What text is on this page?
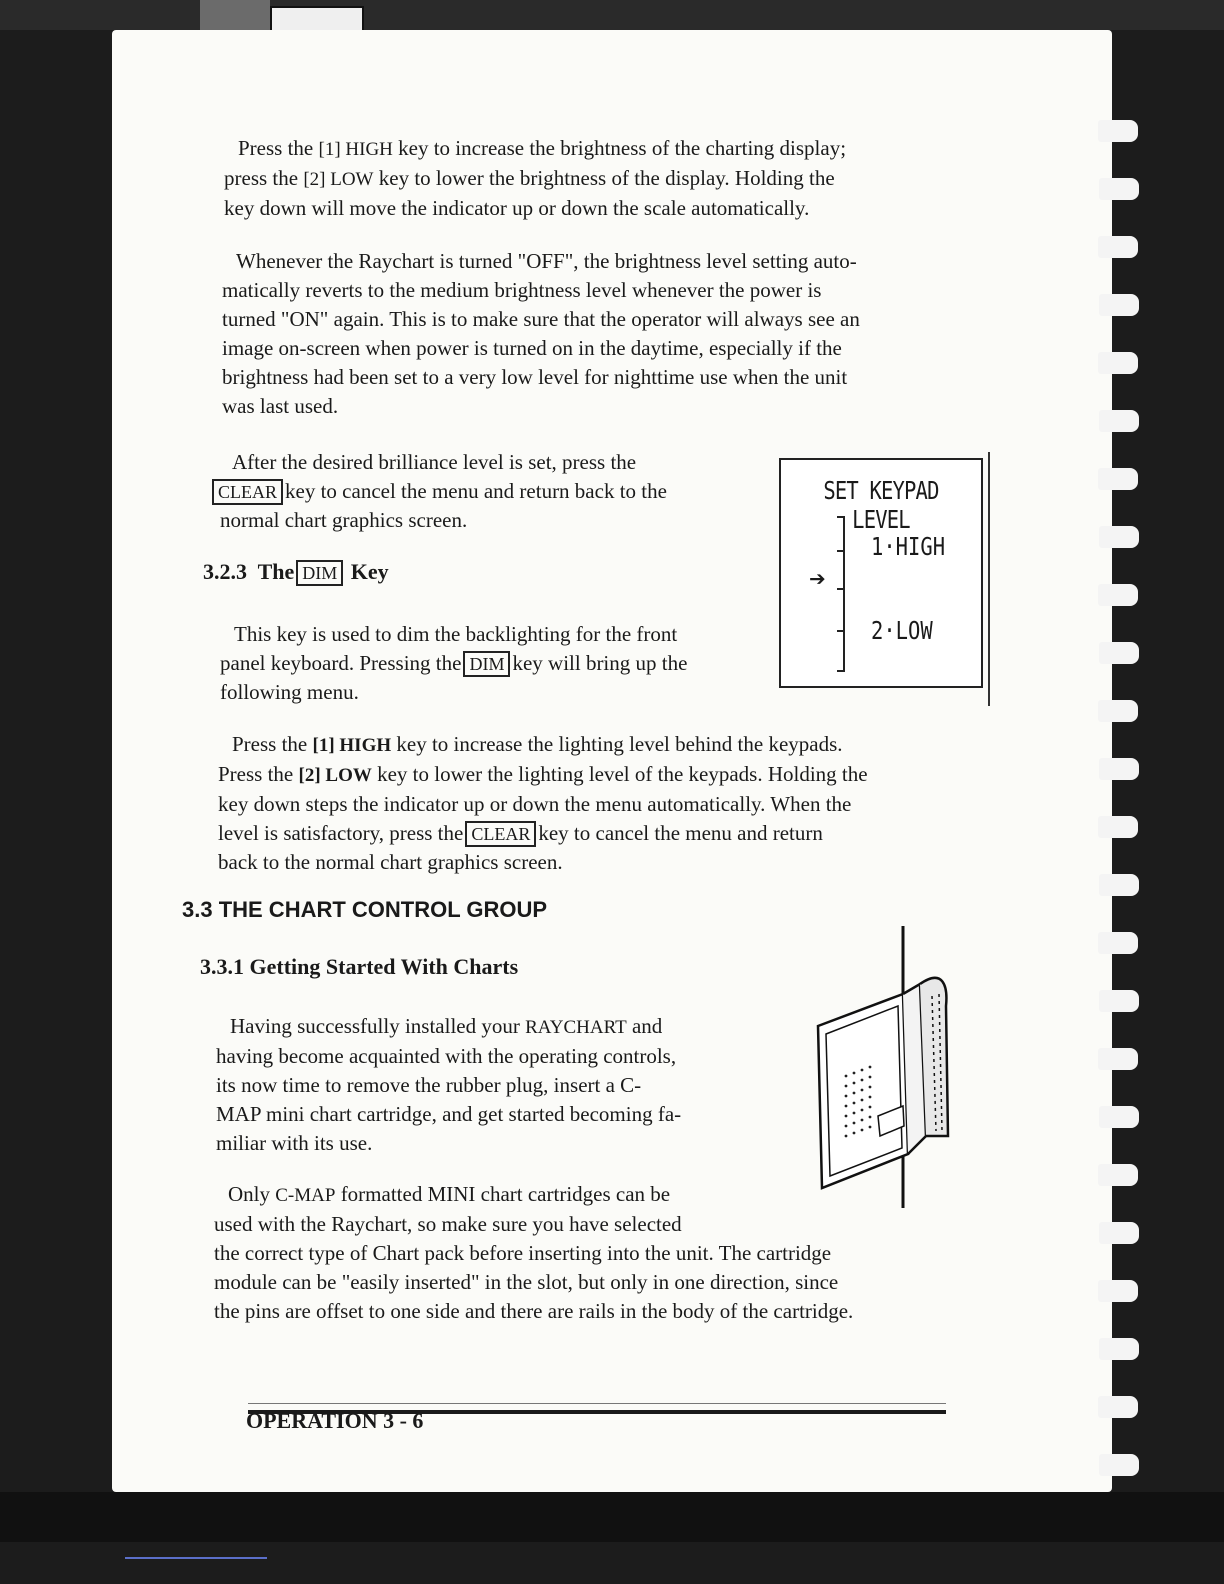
Press the [1] HIGH key to increase the brightness of the charting display;
press the [2] LOW key to lower the brightness of the display. Holding the
key down will move the indicator up or down the scale automatically.

Whenever the Raychart is turned "OFF", the brightness level setting auto-
matically reverts to the medium brightness level whenever the power is
turned "ON" again. This is to make sure that the operator will always see an
image on-screen when power is turned on in the daytime, especially if the
brightness had been set to a very low level for nighttime use when the unit
was last used.

After the desired brilliance level is set, press the
CLEAR key to cancel the menu and return back to the
normal chart graphics screen.

3.2.3 The DIM Key

This key is used to dim the backlighting for the front
panel keyboard. Pressing the DIM key will bring up the
following menu.

SET KEYPAD LEVEL
➔
1·HIGH
2·LOW

Press the [1] HIGH key to increase the lighting level behind the keypads.
Press the [2] LOW key to lower the lighting level of the keypads. Holding the
key down steps the indicator up or down the menu automatically. When the
level is satisfactory, press the CLEAR key to cancel the menu and return
back to the normal chart graphics screen.

3.3 THE CHART CONTROL GROUP

3.3.1 Getting Started With Charts

Having successfully installed your RAYCHART and
having become acquainted with the operating controls,
its now time to remove the rubber plug, insert a C-
MAP mini chart cartridge, and get started becoming fa-
miliar with its use.

Only C-MAP formatted MINI chart cartridges can be
used with the Raychart, so make sure you have selected
the correct type of Chart pack before inserting into the unit. The cartridge
module can be "easily inserted" in the slot, but only in one direction, since
the pins are offset to one side and there are rails in the body of the cartridge.

OPERATION 3 - 6
